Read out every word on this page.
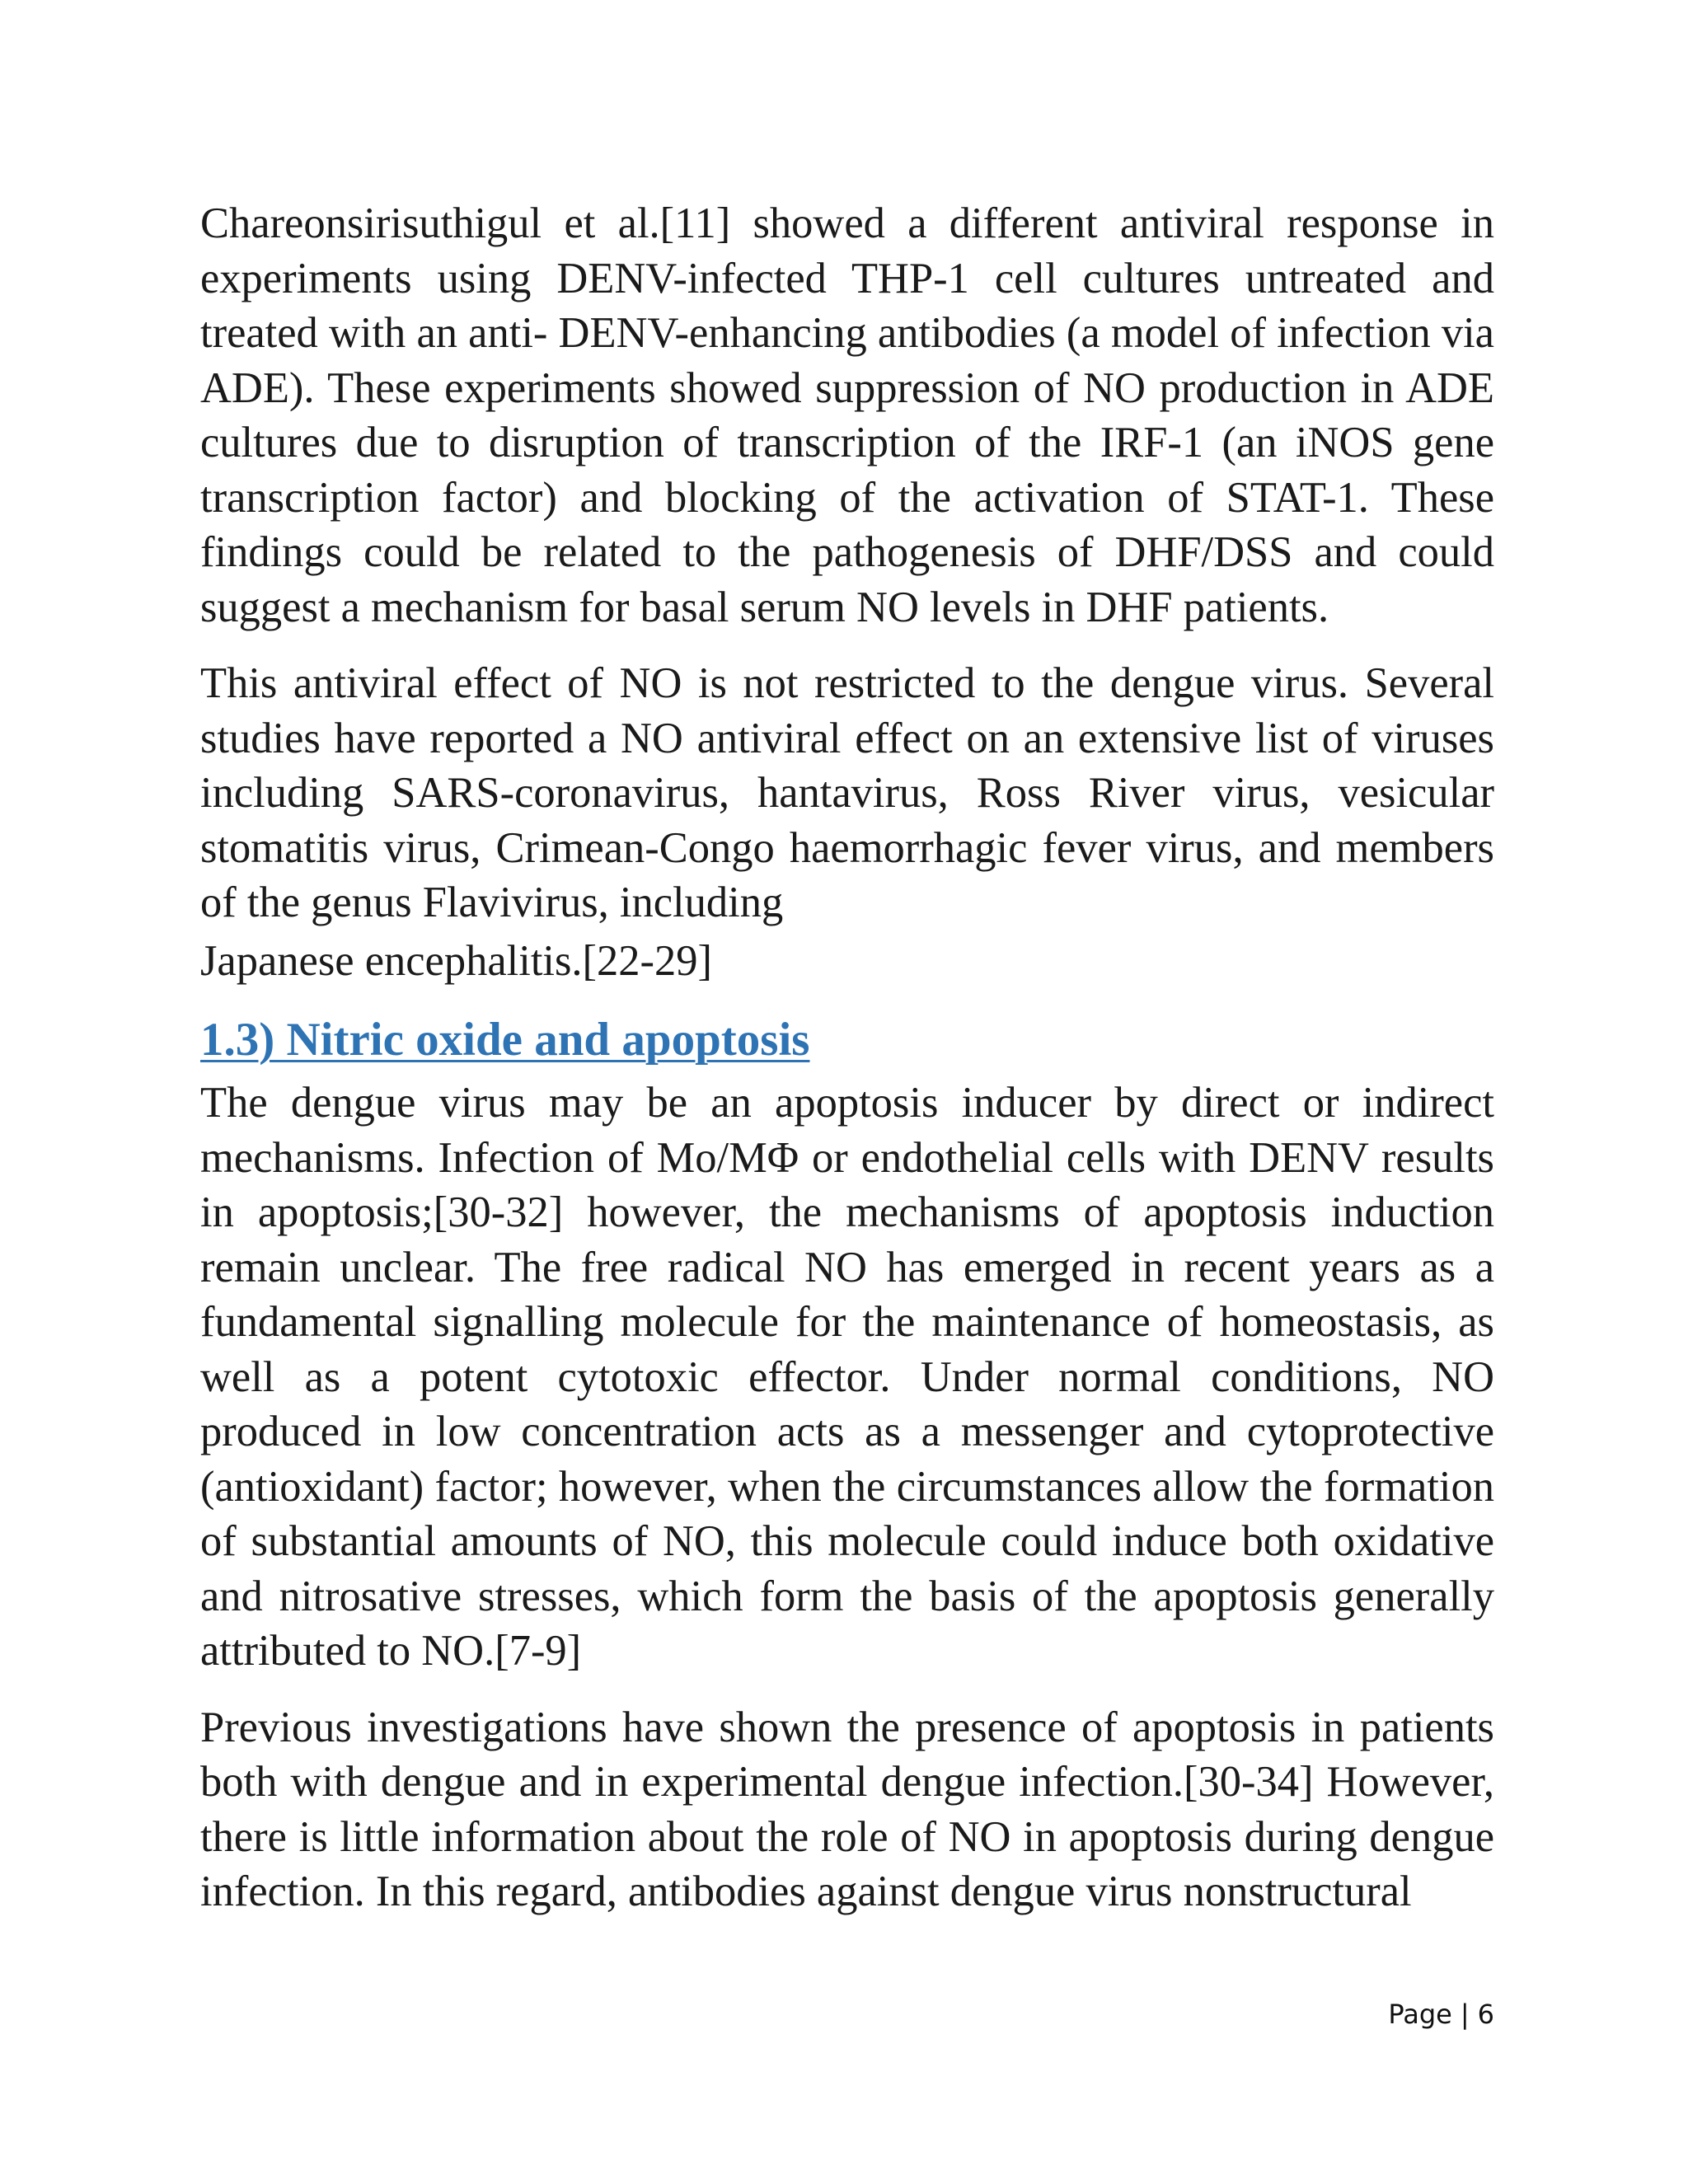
Chareonsirisuthigul et al.[11] showed a different antiviral response in experiments using DENV-infected THP-1 cell cultures untreated and treated with an anti- DENV-enhancing antibodies (a model of infection via ADE). These experiments showed suppression of NO production in ADE cultures due to disruption of transcription of the IRF-1 (an iNOS gene transcription factor) and blocking of the activation of STAT-1. These findings could be related to the pathogenesis of DHF/DSS and could suggest a mechanism for basal serum NO levels in DHF patients.

This antiviral effect of NO is not restricted to the dengue virus. Several studies have reported a NO antiviral effect on an extensive list of viruses including SARS-coronavirus, hantavirus, Ross River virus, vesicular stomatitis virus, Crimean-Congo haemorrhagic fever virus, and members of the genus Flavivirus, including

Japanese encephalitis.[22-29]

1.3) Nitric oxide and apoptosis

The dengue virus may be an apoptosis inducer by direct or indirect mechanisms. Infection of Mo/MΦ or endothelial cells with DENV results in apoptosis;[30-32] however, the mechanisms of apoptosis induction remain unclear. The free radical NO has emerged in recent years as a fundamental signalling molecule for the maintenance of homeostasis, as well as a potent cytotoxic effector. Under normal conditions, NO produced in low concentration acts as a messenger and cytoprotective (antioxidant) factor; however, when the circumstances allow the formation of substantial amounts of NO, this molecule could induce both oxidative and nitrosative stresses, which form the basis of the apoptosis generally attributed to NO.[7-9]

Previous investigations have shown the presence of apoptosis in patients both with dengue and in experimental dengue infection.[30-34] However, there is little information about the role of NO in apoptosis during dengue infection. In this regard, antibodies against dengue virus nonstructural

Page | 6
